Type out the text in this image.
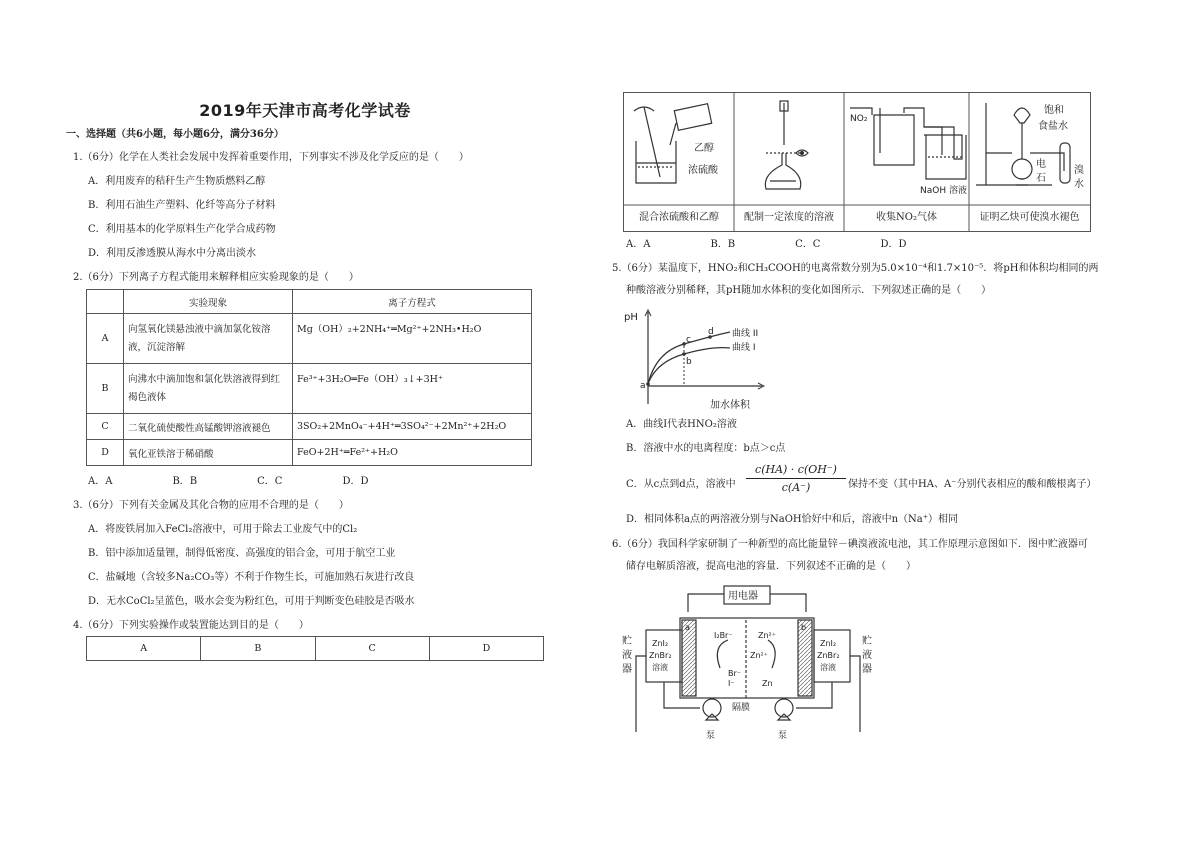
2019年天津市高考化学试卷
一、选择题（共6小题，每小题6分，满分36分）
1.（6分）化学在人类社会发展中发挥着重要作用，下列事实不涉及化学反应的是（　　）
A．利用废弃的秸秆生产生物质燃料乙醇
B．利用石油生产塑料、化纤等高分子材料
C．利用基本的化学原料生产化学合成药物
D．利用反渗透膜从海水中分离出淡水
2.（6分）下列离子方程式能用来解释相应实验现象的是（　　）
	实验现象	离子方程式
A	向氢氧化镁悬浊液中滴加氯化铵溶
液，沉淀溶解	Mg（OH）₂+2NH₄⁺═Mg²⁺+2NH₃•H₂O
B	向沸水中滴加饱和氯化铁溶液得到红
褐色液体	Fe³⁺+3H₂O═Fe（OH）₃↓+3H⁺
C	二氧化硫使酸性高锰酸钾溶液褪色	3SO₂+2MnO₄⁻+4H⁺═3SO₄²⁻+2Mn²⁺+2H₂O
D	氧化亚铁溶于稀硝酸	FeO+2H⁺═Fe²⁺+H₂O
A．A　　　　　　B．B　　　　　　C．C　　　　　　D．D
3.（6分）下列有关金属及其化合物的应用不合理的是（　　）
A．将废铁屑加入FeCl₂溶液中，可用于除去工业废气中的Cl₂
B．铝中添加适量锂，制得低密度、高强度的铝合金，可用于航空工业
C．盐碱地（含较多Na₂CO₃等）不利于作物生长，可施加熟石灰进行改良
D．无水CoCl₂呈蓝色，吸水会变为粉红色，可用于判断变色硅胶是否吸水
4.（6分）下列实验操作或装置能达到目的是（　　）
A	B	C	D
乙醇
浓硫酸
NO₂
NaOH 溶液
饱和
食盐水
电
石
溴
水
混合浓硫酸和乙醇	配制一定浓度的溶液	收集NO₂气体	证明乙炔可使溴水褪色
A．A　　　　　　B．B　　　　　　C．C　　　　　　D．D
5.（6分）某温度下，HNO₂和CH₃COOH的电离常数分别为5.0×10⁻⁴和1.7×10⁻⁵．将pH和体积均相同的两
种酸溶液分别稀释，其pH随加水体积的变化如图所示．下列叙述正确的是（　　）
pH
加水体积
曲线 II
曲线 I
a
b
c
d
A．曲线Ⅰ代表HNO₂溶液
B．溶液中水的电离程度：b点＞c点
C．从c点到d点，溶液中
c(HA) · c(OH⁻)
c(A⁻)	保持不变（其中HA、A⁻分别代表相应的酸和酸根离子）
D．相同体积a点的两溶液分别与NaOH恰好中和后，溶液中n（Na⁺）相同
6.（6分）我国科学家研制了一种新型的高比能量锌－碘溴液流电池，其工作原理示意图如下．图中贮液器可
储存电解质溶液，提高电池的容量．下列叙述不正确的是（　　）
用电器
贮
液
器
贮
液
器
ZnI₂
ZnBr₂
溶液
ZnI₂
ZnBr₂
溶液
a	b
I₂Br⁻
Br⁻
I⁻
Zn²⁺
Zn²⁺
Zn
隔膜
泵	泵
